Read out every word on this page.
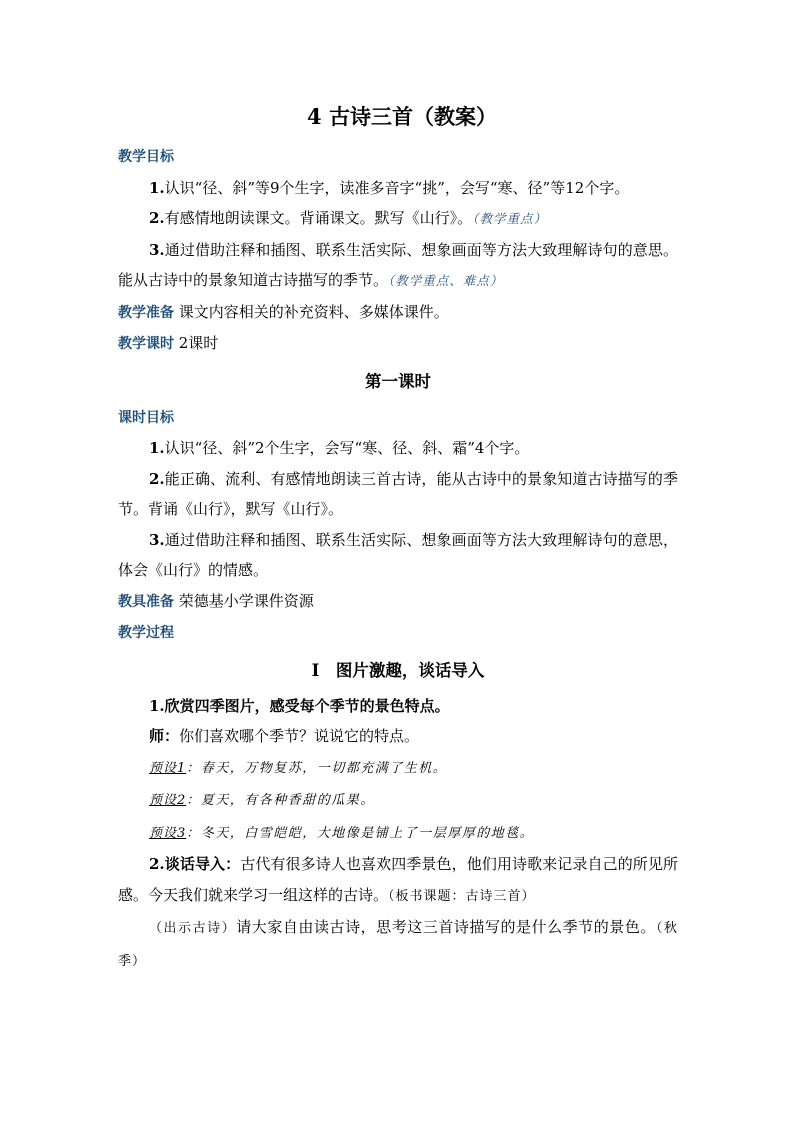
4 古诗三首（教案）

教学目标

1.认识“径、斜”等9个生字，读准多音字“挑”，会写“寒、径”等12个字。

2.有感情地朗读课文。背诵课文。默写《山行》。（教学重点）

3.通过借助注释和插图、联系生活实际、想象画面等方法大致理解诗句的意思。能从古诗中的景象知道古诗描写的季节。（教学重点、难点）

教学准备 课文内容相关的补充资料、多媒体课件。

教学课时 2课时

第一课时

课时目标

1.认识“径、斜”2个生字，会写“寒、径、斜、霜”4个字。

2.能正确、流利、有感情地朗读三首古诗，能从古诗中的景象知道古诗描写的季节。背诵《山行》，默写《山行》。

3.通过借助注释和插图、联系生活实际、想象画面等方法大致理解诗句的意思，体会《山行》的情感。

教具准备 荣德基小学课件资源

教学过程

Ⅰ　图片激趣，谈话导入

1.欣赏四季图片，感受每个季节的景色特点。

师：你们喜欢哪个季节？说说它的特点。

预设1：春天，万物复苏，一切都充满了生机。

预设2：夏天，有各种香甜的瓜果。

预设3：冬天，白雪皑皑，大地像是铺上了一层厚厚的地毯。

2.谈话导入：古代有很多诗人也喜欢四季景色，他们用诗歌来记录自己的所见所感。今天我们就来学习一组这样的古诗。（板书课题：古诗三首）

（出示古诗）请大家自由读古诗，思考这三首诗描写的是什么季节的景色。（秋季）
